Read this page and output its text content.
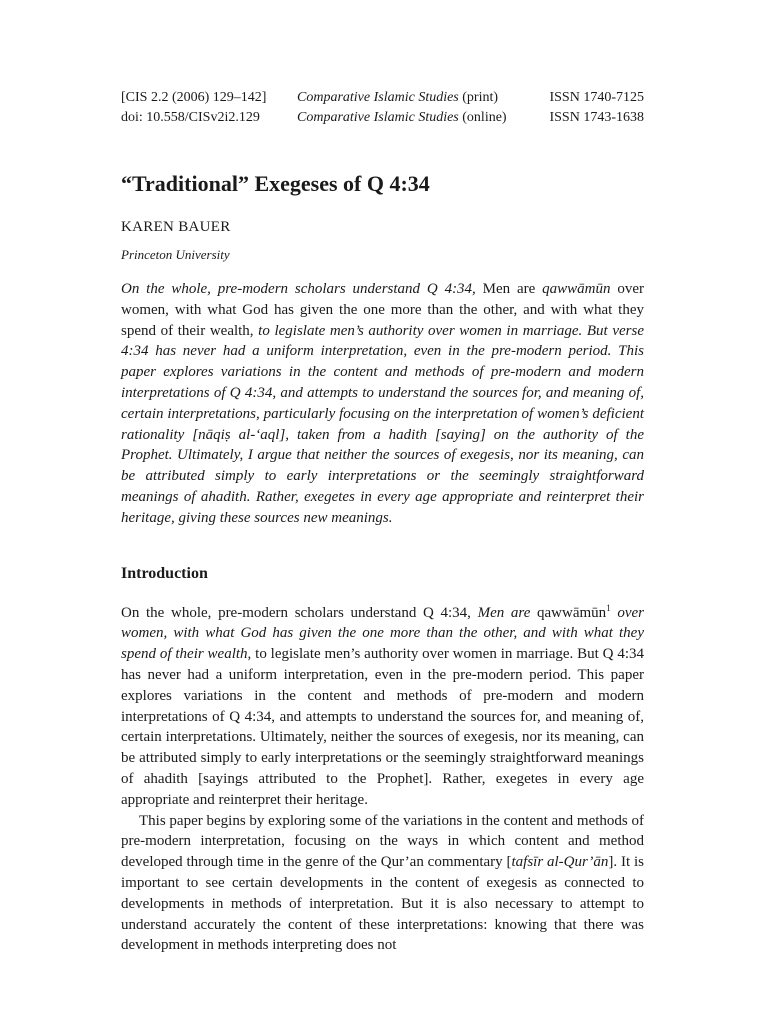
[CIS 2.2 (2006) 129–142]	Comparative Islamic Studies (print)	ISSN 1740-7125
doi: 10.558/CISv2i2.129	Comparative Islamic Studies (online)	ISSN 1743-1638
“Traditional” Exegeses of Q 4:34
KAREN BAUER
Princeton University
On the whole, pre-modern scholars understand Q 4:34, Men are qawwāmūn over women, with what God has given the one more than the other, and with what they spend of their wealth, to legislate men’s authority over women in marriage. But verse 4:34 has never had a uniform interpretation, even in the pre-modern period. This paper explores variations in the content and methods of pre-modern and modern interpretations of Q 4:34, and attempts to understand the sources for, and meaning of, certain interpretations, particularly focusing on the interpretation of women’s deficient rationality [nāqiṣ al-‘aql], taken from a hadith [saying] on the authority of the Prophet. Ultimately, I argue that neither the sources of exegesis, nor its meaning, can be attributed simply to early interpretations or the seemingly straightforward meanings of ahadith. Rather, exegetes in every age appropriate and reinterpret their heritage, giving these sources new meanings.
Introduction

On the whole, pre-modern scholars understand Q 4:34, Men are qawwāmūn$^1$ over women, with what God has given the one more than the other, and with what they spend of their wealth, to legislate men’s authority over women in marriage. But Q 4:34 has never had a uniform interpretation, even in the pre-modern period. This paper explores variations in the content and methods of pre-modern and modern interpretations of Q 4:34, and attempts to understand the sources for, and meaning of, certain interpretations. Ultimately, neither the sources of exegesis, nor its meaning, can be attributed simply to early interpretations or the seemingly straightforward meanings of ahadith [sayings attributed to the Prophet]. Rather, exegetes in every age appropriate and reinterpret their heritage.

This paper begins by exploring some of the variations in the content and methods of pre-modern interpretation, focusing on the ways in which content and method developed through time in the genre of the Qur’an commentary [tafsīr al-Qur’ān]. It is important to see certain developments in the content of exegesis as connected to developments in methods of interpretation. But it is also necessary to attempt to understand accurately the content of these interpretations: knowing that there was development in methods interpreting does not
